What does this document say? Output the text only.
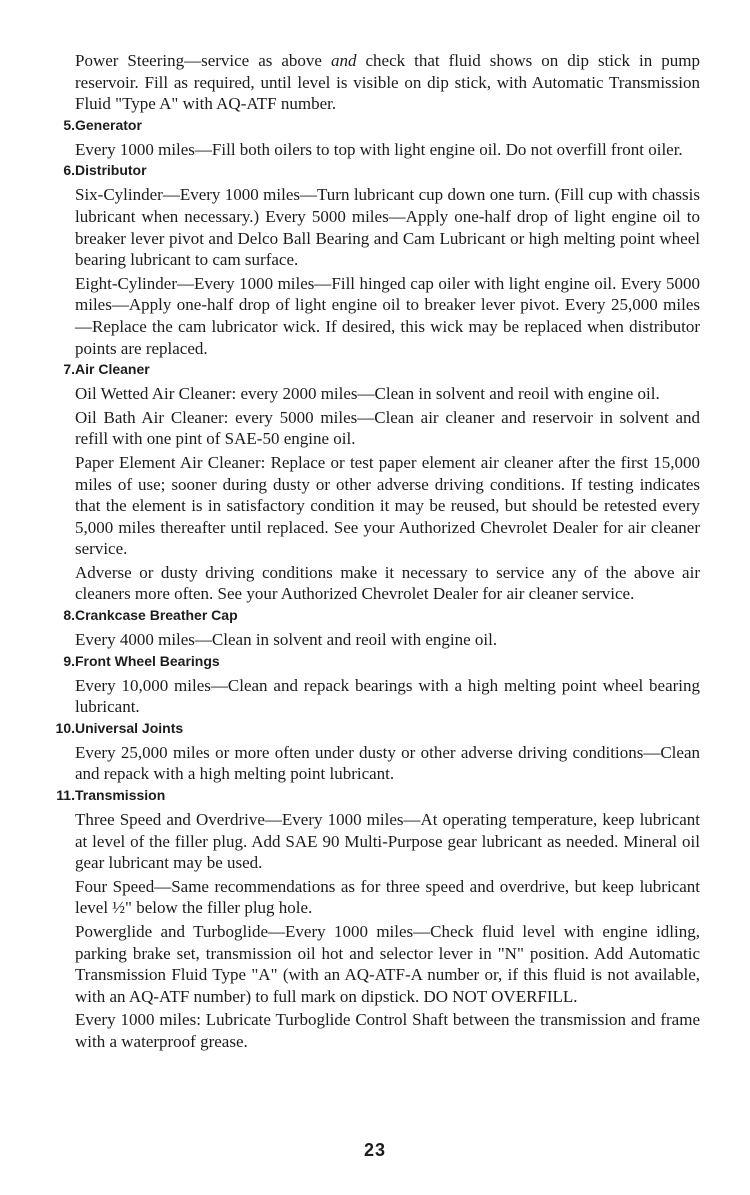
Power Steering—service as above and check that fluid shows on dip stick in pump reservoir. Fill as required, until level is visible on dip stick, with Automatic Transmission Fluid "Type A" with AQ-ATF number.

5. Generator

Every 1000 miles—Fill both oilers to top with light engine oil. Do not overfill front oiler.

6. Distributor

Six-Cylinder—Every 1000 miles—Turn lubricant cup down one turn. (Fill cup with chassis lubricant when necessary.) Every 5000 miles—Apply one-half drop of light engine oil to breaker lever pivot and Delco Ball Bearing and Cam Lubricant or high melting point wheel bearing lubricant to cam surface.

Eight-Cylinder—Every 1000 miles—Fill hinged cap oiler with light engine oil. Every 5000 miles—Apply one-half drop of light engine oil to breaker lever pivot. Every 25,000 miles—Replace the cam lubricator wick. If desired, this wick may be replaced when distributor points are replaced.

7. Air Cleaner

Oil Wetted Air Cleaner: every 2000 miles—Clean in solvent and reoil with engine oil.

Oil Bath Air Cleaner: every 5000 miles—Clean air cleaner and reservoir in solvent and refill with one pint of SAE-50 engine oil.

Paper Element Air Cleaner: Replace or test paper element air cleaner after the first 15,000 miles of use; sooner during dusty or other adverse driving conditions. If testing indicates that the element is in satisfactory condition it may be reused, but should be retested every 5,000 miles thereafter until replaced. See your Authorized Chevrolet Dealer for air cleaner service.

Adverse or dusty driving conditions make it necessary to service any of the above air cleaners more often. See your Authorized Chevrolet Dealer for air cleaner service.

8. Crankcase Breather Cap

Every 4000 miles—Clean in solvent and reoil with engine oil.

9. Front Wheel Bearings

Every 10,000 miles—Clean and repack bearings with a high melting point wheel bearing lubricant.

10. Universal Joints

Every 25,000 miles or more often under dusty or other adverse driving conditions—Clean and repack with a high melting point lubricant.

11. Transmission

Three Speed and Overdrive—Every 1000 miles—At operating temperature, keep lubricant at level of the filler plug. Add SAE 90 Multi-Purpose gear lubricant as needed. Mineral oil gear lubricant may be used.

Four Speed—Same recommendations as for three speed and overdrive, but keep lubricant level ½" below the filler plug hole.

Powerglide and Turboglide—Every 1000 miles—Check fluid level with engine idling, parking brake set, transmission oil hot and selector lever in "N" position. Add Automatic Transmission Fluid Type "A" (with an AQ-ATF-A number or, if this fluid is not available, with an AQ-ATF number) to full mark on dipstick. DO NOT OVERFILL.

Every 1000 miles: Lubricate Turboglide Control Shaft between the transmission and frame with a waterproof grease.

23
